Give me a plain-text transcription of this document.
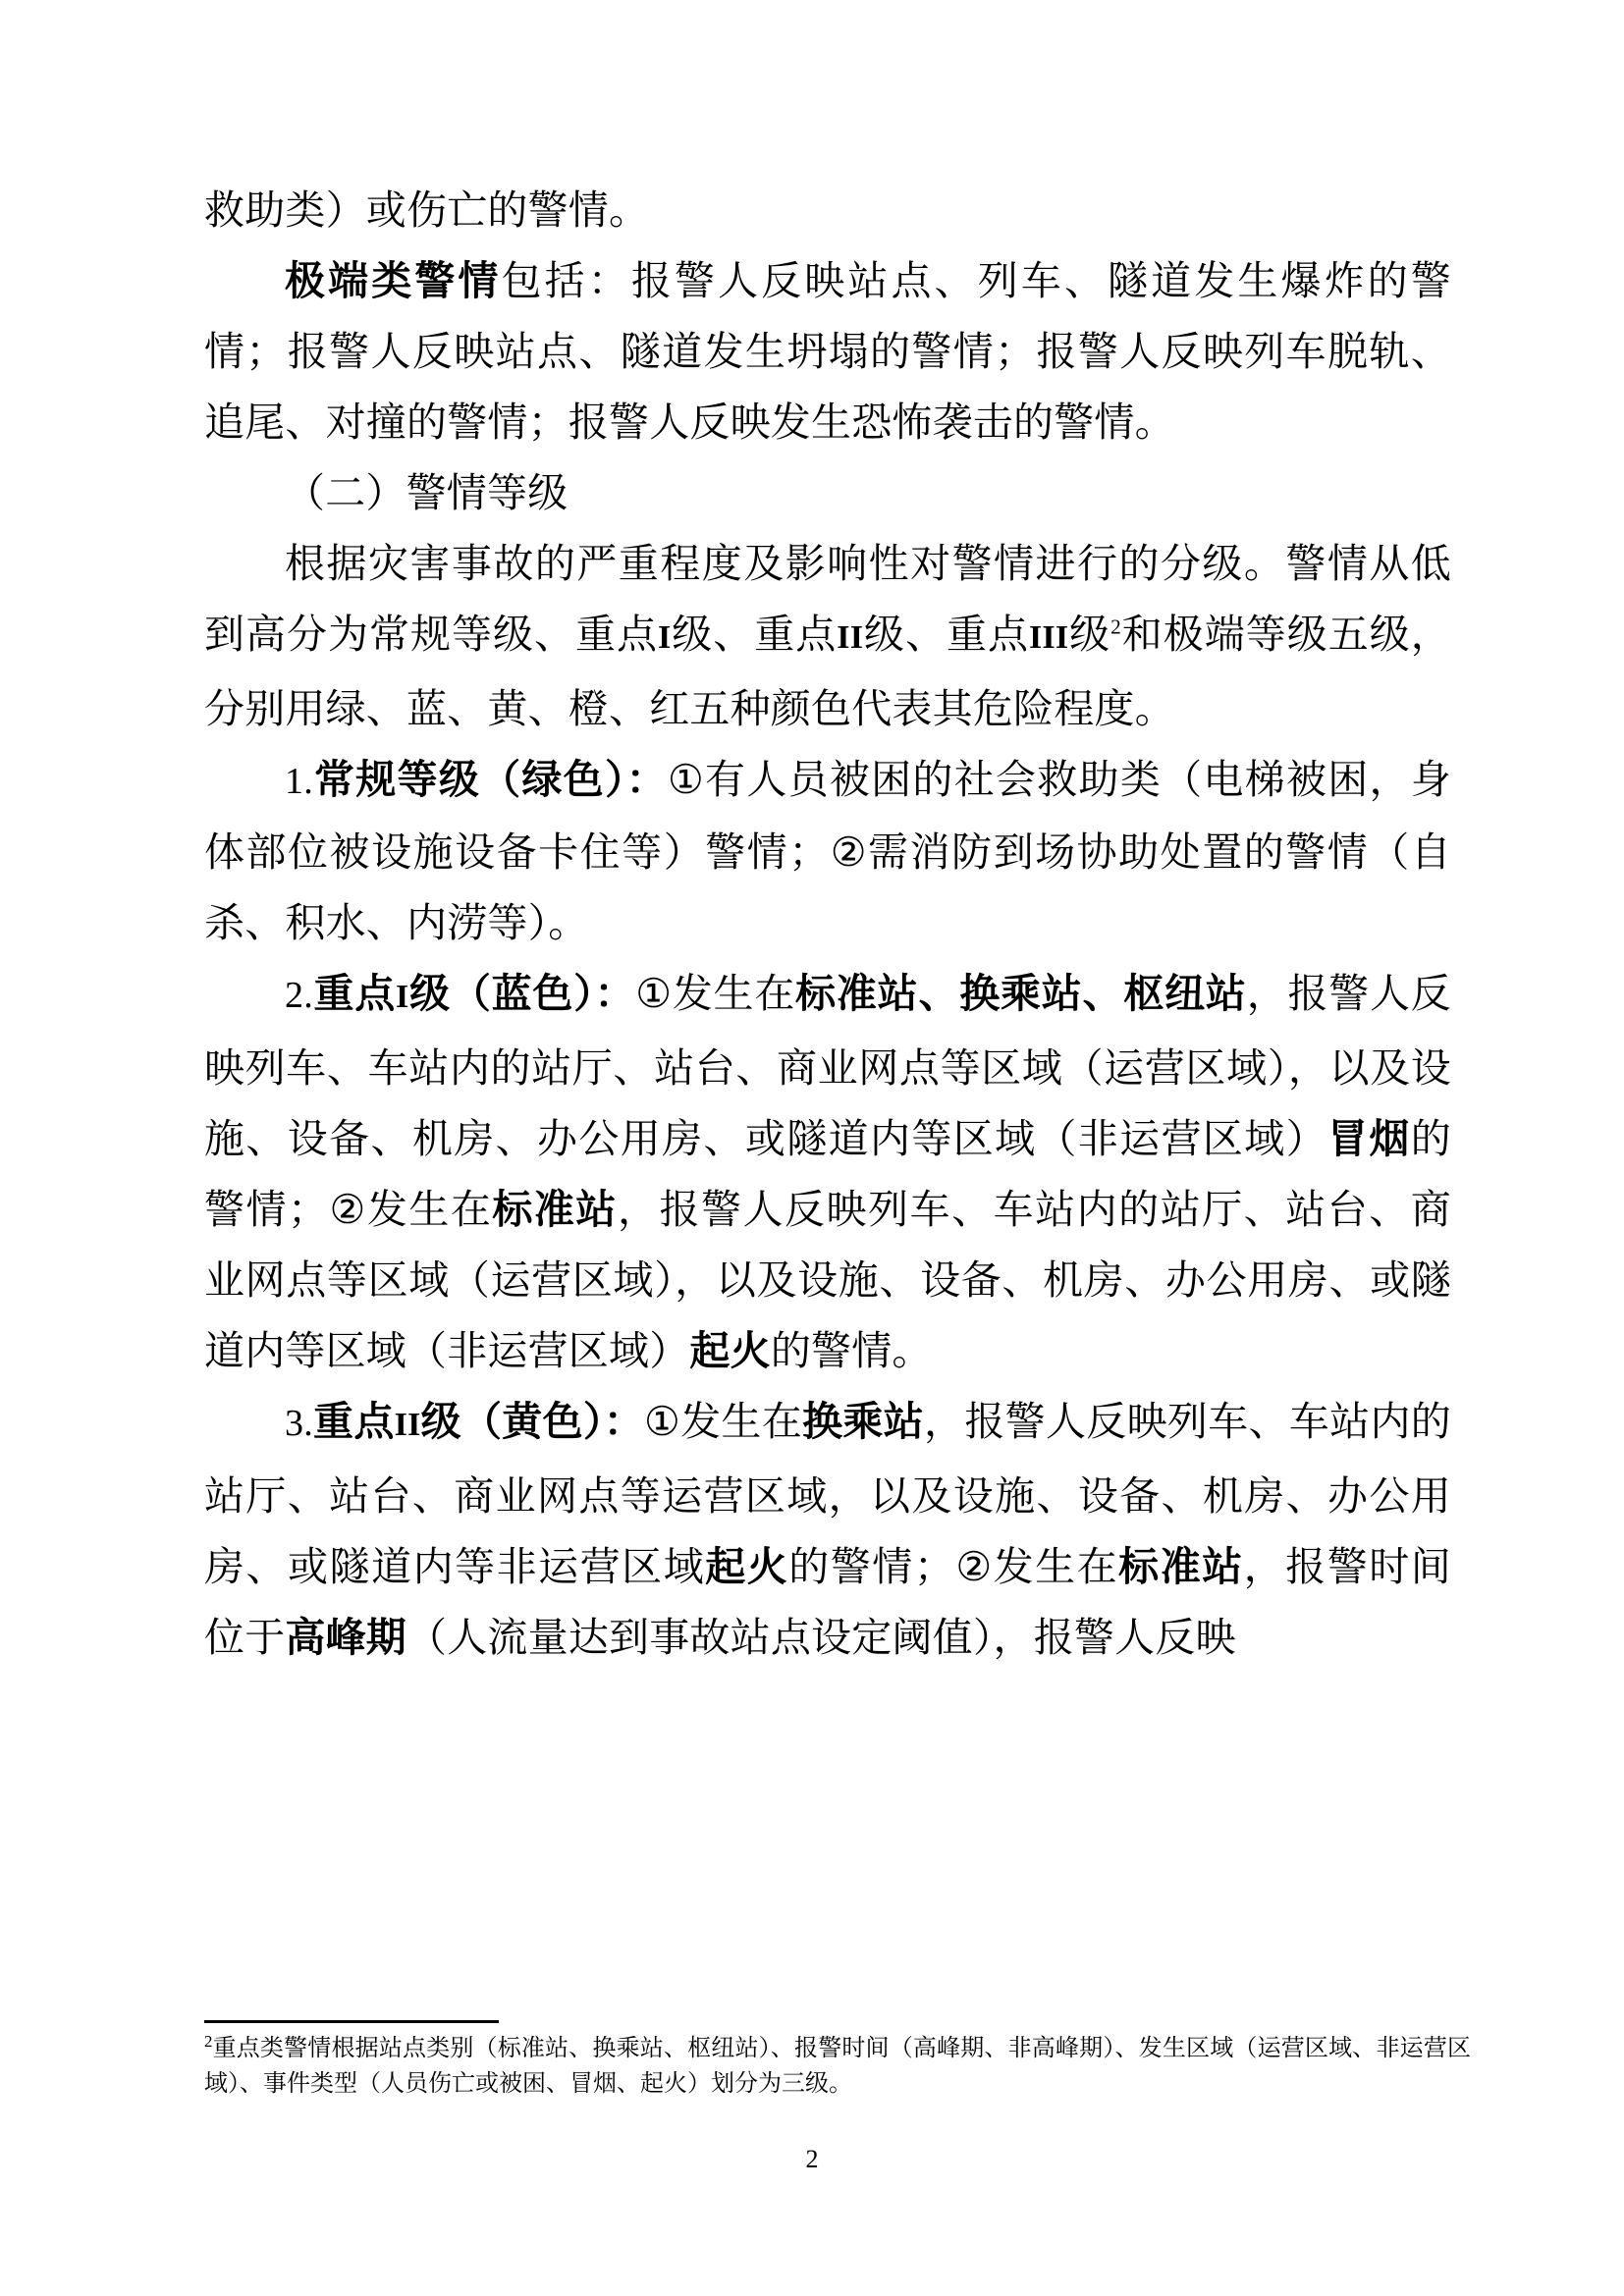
救助类）或伤亡的警情。

极端类警情包括：报警人反映站点、列车、隧道发生爆炸的警情；报警人反映站点、隧道发生坍塌的警情；报警人反映列车脱轨、追尾、对撞的警情；报警人反映发生恐怖袭击的警情。

（二）警情等级

根据灾害事故的严重程度及影响性对警情进行的分级。警情从低到高分为常规等级、重点I级、重点II级、重点III级$^2$和极端等级五级，分别用绿、蓝、黄、橙、红五种颜色代表其危险程度。

1.常规等级（绿色）：①有人员被困的社会救助类（电梯被困，身体部位被设施设备卡住等）警情；②需消防到场协助处置的警情（自杀、积水、内涝等）。

2.重点I级（蓝色）：①发生在标准站、换乘站、枢纽站，报警人反映列车、车站内的站厅、站台、商业网点等区域（运营区域），以及设施、设备、机房、办公用房、或隧道内等区域（非运营区域）冒烟的警情；②发生在标准站，报警人反映列车、车站内的站厅、站台、商业网点等区域（运营区域），以及设施、设备、机房、办公用房、或隧道内等区域（非运营区域）起火的警情。

3.重点II级（黄色）：①发生在换乘站，报警人反映列车、车站内的站厅、站台、商业网点等运营区域，以及设施、设备、机房、办公用房、或隧道内等非运营区域起火的警情；②发生在标准站，报警时间位于高峰期（人流量达到事故站点设定阈值），报警人反映

$^2$重点类警情根据站点类别（标准站、换乘站、枢纽站）、报警时间（高峰期、非高峰期）、发生区域（运营区域、非运营区域）、事件类型（人员伤亡或被困、冒烟、起火）划分为三级。

2
